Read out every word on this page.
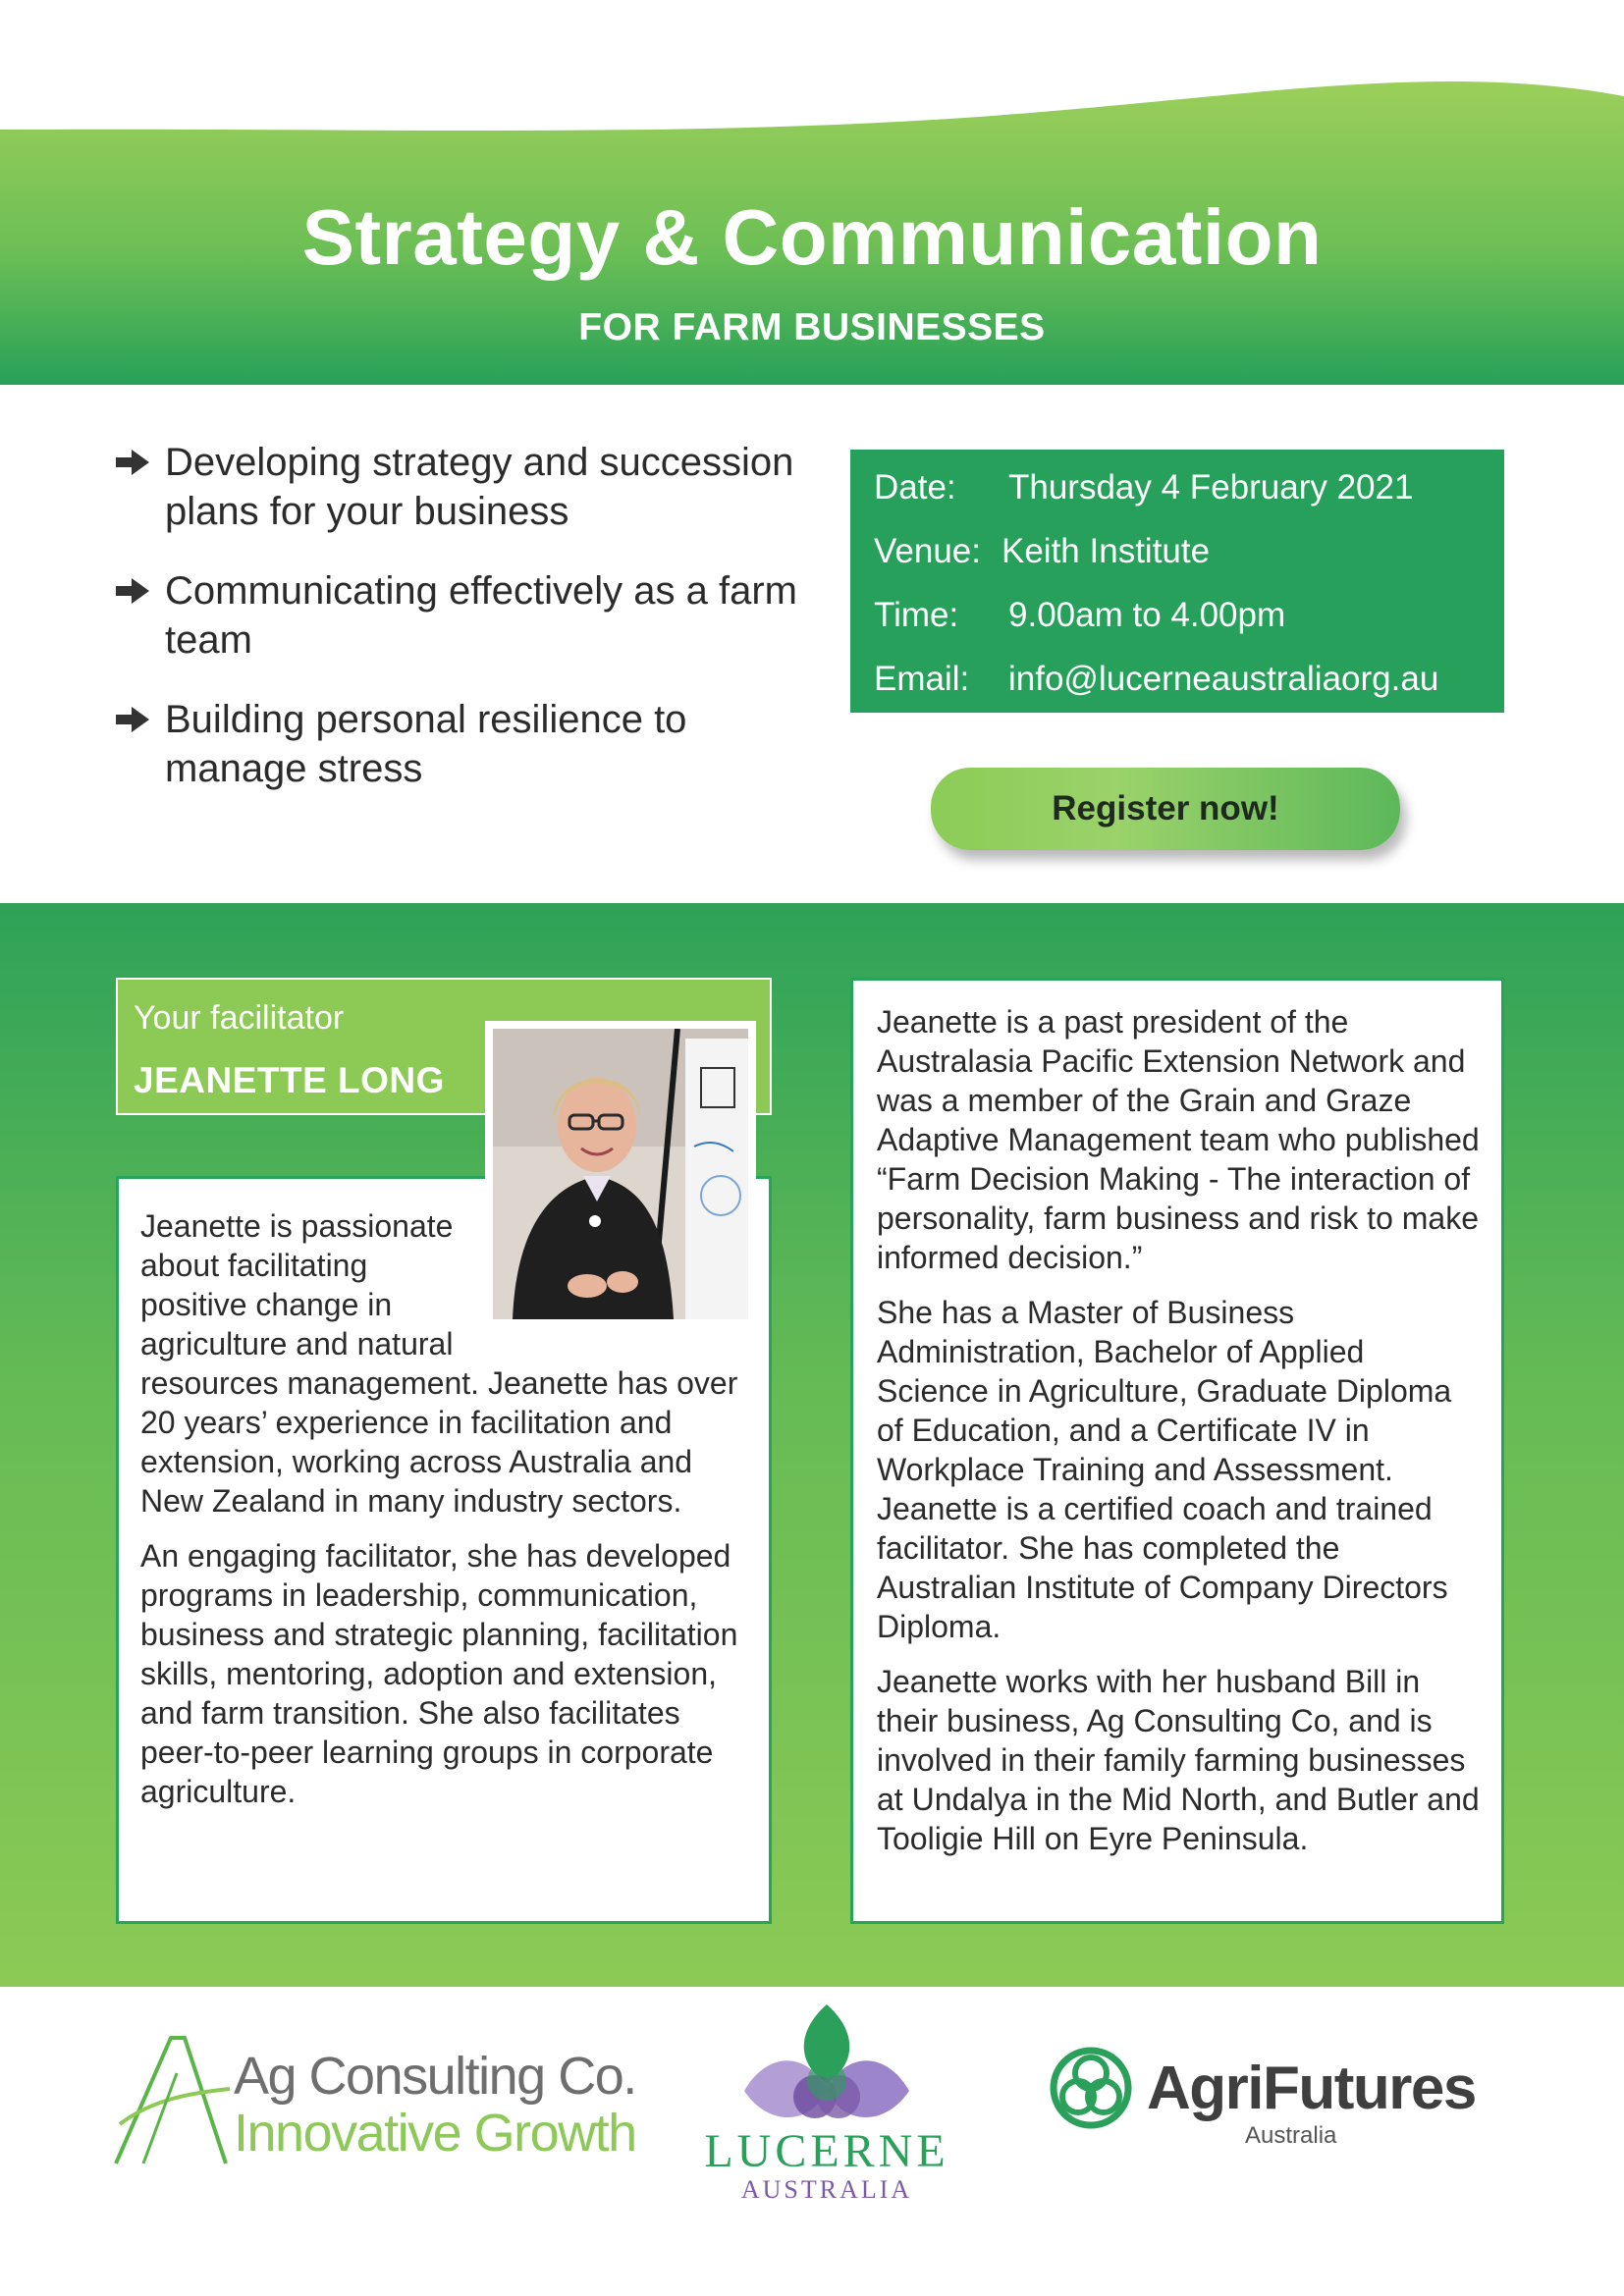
Strategy & Communication
FOR FARM BUSINESSES
Developing strategy and succession plans for your business
Communicating effectively as a farm team
Building personal resilience to manage stress
Date: Thursday 4 February 2021
Venue: Keith Institute
Time: 9.00am to 4.00pm
Email: info@lucerneaustraliaorg.au
Register now!
Your facilitator
JEANETTE LONG

Jeanette is passionate about facilitating positive change in agriculture and natural resources management. Jeanette has over 20 years’ experience in facilitation and extension, working across Australia and New Zealand in many industry sectors.

An engaging facilitator, she has developed programs in leadership, communication, business and strategic planning, facilitation skills, mentoring, adoption and extension, and farm transition. She also facilitates peer-to-peer learning groups in corporate agriculture.

Jeanette is a past president of the Australasia Pacific Extension Network and was a member of the Grain and Graze Adaptive Management team who published “Farm Decision Making - The interaction of personality, farm business and risk to make informed decision.”

She has a Master of Business Administration, Bachelor of Applied Science in Agriculture, Graduate Diploma of Education, and a Certificate IV in Workplace Training and Assessment. Jeanette is a certified coach and trained facilitator. She has completed the Australian Institute of Company Directors Diploma.

Jeanette works with her husband Bill in their business, Ag Consulting Co, and is involved in their family farming businesses at Undalya in the Mid North, and Butler and Tooligie Hill on Eyre Peninsula.

Ag Consulting Co.
Innovative Growth LUCERNE
AUSTRALIA
AgriFutures
Australia
